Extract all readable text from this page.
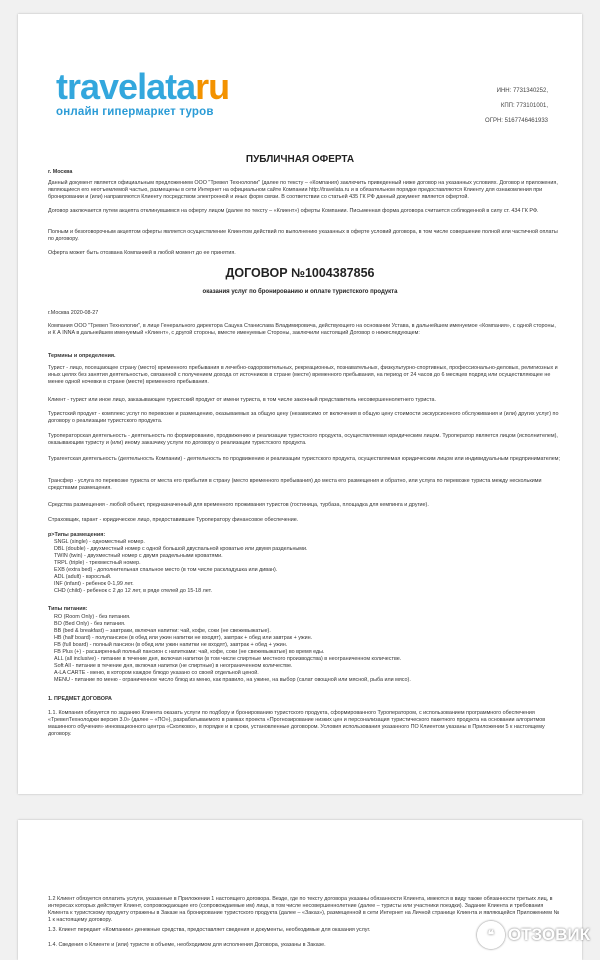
travelataru
онлайн гипермаркет туров
ИНН: 7731340252,
КПП: 773101001,
ОГРН: 5167746461933
ПУБЛИЧНАЯ ОФЕРТА
г. Москва
Данный документ является официальным предложением ООО "Тревел Технологии" (далее по тексту – «Компания) заключить приведенный ниже договор на указанных условиях. Договор и приложения, являющиеся его неотъемлемой частью, размещены в сети Интернет на официальном сайте Компании http://travelata.ru и в обязательном порядке предоставляются Клиенту для ознакомления при бронировании и (или) направляются Клиенту посредством электронной и иных форм связи. В соответствии со статьей 435 ГК РФ данный документ является офертой.
Договор заключается путем акцепта отклинувшимся на оферту лицом (далее по тексту – «Клиент») оферты Компании. Письменная форма договора считается соблюденной в силу ст. 434 ГК РФ.
Полным и безоговорочным акцептом оферты является осуществление Клиентом действий по выполнению указанных в оферте условий договора, в том числе совершение полной или частичной оплаты по договору.
Оферта может быть отозвана Компанией в любой момент до ее принятия.
ДОГОВОР №1004387856
оказания услуг по бронированию и оплате туристского продукта
г.Москва 2020-08-27
Компания ООО "Тревел Технологии", в лице Генерального директора Сацука Станислава Владимировича, действующего на основании Устава, в дальнейшем именуемое «Компания», с одной стороны, и К А INNA в дальнейшем именуемый «Клиент», с другой стороны, вместе именуемые Стороны, заключили настоящий Договор о нижеследующем:
Термины и определения.
Турист - лицо, посещающее страну (место) временного пребывания в лечебно-оздоровительных, рекреационных, познавательных, физкультурно-спортивных, профессионально-деловых, религиозных и иных целях без занятия деятельностью, связанной с получением дохода от источников в стране (месте) временного пребывания, на период от 24 часов до 6 месяцев подряд или осуществляющее не менее одной ночевки в стране (месте) временного пребывания.
Клиент - турист или иное лицо, заказывающее туристский продукт от имени туриста, в том числе законный представитель несовершеннолетнего туриста.
Туристский продукт - комплекс услуг по перевозке и размещению, оказываемых за общую цену (независимо от включения в общую цену стоимости экскурсионного обслуживания и (или) других услуг) по договору о реализации туристского продукта.
Туроператорская деятельность - деятельность по формированию, продвижению и реализации туристского продукта, осуществляемая юридическим лицом. Туроператор является лицом (исполнителем), оказывающим туристу и (или) иному заказчику услуги по договору о реализации туристского продукта.
Турагентская деятельность (деятельность Компании) - деятельность по продвижению и реализации туристского продукта, осуществляемая юридическим лицом или индивидуальным предпринимателем;
Трансфер - услуга по перевозке туриста от места его прибытия в страну (место временного пребывания) до места его размещения и обратно, или услуга по перевозке туриста между несколькими средствами размещения.
Средства размещения - любой объект, предназначенный для временного проживания туристов (гостиница, турбаза, площадка для кемпинга и другие).
Страховщик, гарант - юридическое лицо, предоставившее Туроператору финансовое обеспечение.
р>Типы размещения:
SNGL (single) - одноместный номер.
DBL (double) - двухместный номер с одной большой двуспальной кроватью или двумя раздельными.
TWIN (twin) - двухместный номер с двумя раздельными кроватями.
TRPL (triple) - трехместный номер.
EXB (extra bed) - дополнительная спальное место (в том числе раскладушка или диван).
ADL (adult) - взрослый.
INF (infant) - ребенок 0-1,99 лет.
CHD (child) - ребенок с 2 до 12 лет, в ряде отелей до 15-18 лет.
Типы питания:
RO (Room Only) - без питания.
BO (Bed Only) - без питания.
BB (bed & breakfast) – завтраки, включая напитки: чай, кофе, соки (не свежевыжатые).
HB (half board) - полупансион (в обед или ужин напитки не входят), завтрак + обед или завтрак + ужин.
FB (full board) - полный пансион (в обед или ужин напитки не входят), завтрак + обед + ужин.
FB Plus (+) - расширенный полный пансион с напитками: чай, кофе, соки (не свежевыжатые) во время еды.
ALL (all inclusive) - питание в течение дня, включая напитки (в том числе спиртные местного производства) в неограниченном количестве.
Soft All - питание в течение дня, включая напитки (не спиртные) в неограниченном количестве.
A-LA CARTE - меню, в котором каждое блюдо указано со своей отдельной ценой.
MENU - питание по меню - ограниченное число блюд из меню, как правило, на ужине, на выбор (салат овощной или мясной, рыба или мясо).
1. ПРЕДМЕТ ДОГОВОРА
1.1. Компания обязуется по заданию Клиента оказать услуги по подбору и бронированию туристского продукта, сформированного Туроператором, с использованием программного обеспечения «ТревелТехнолоджи версия 3.0» (далее – «ПО»), разрабатываемого в рамках проекта «Прогнозирование низких цен и персонализация туристического пакетного продукта на основании алгоритмов машинного обучения» инновационного центра «Сколково», в порядке и в сроки, установленные договором. Условия использования указанного ПО Клиентом указаны в Приложении 5 к настоящему договору.
1.2 Клиент обязуется оплатить услуги, указанные в Приложении 1 настоящего договора. Везде, где по тексту договора указаны обязанности Клиента, имеются в виду также обязанности третьих лиц, в интересах которых действует Клиент, сопровождающие его (сопровождаемые им) лица, в том числе несовершеннолетние (далее – туристы или участники поездки). Задание Клиента и требования Клиента к туристскому продукту отражены в Заказе на бронирование туристского продукта (далее – «Заказ»), размещенной в сети Интернет на Личной странице Клиента и являющейся Приложением № 1 к настоящему договору.
1.3. Клиент передает «Компании» денежные средства, предоставляет сведения и документы, необходимые для оказания услуг.
1.4. Сведения о Клиенте и (или) туристе в объеме, необходимом для исполнения Договора, указаны в Заказе.
❝ ОТЗОВИК
